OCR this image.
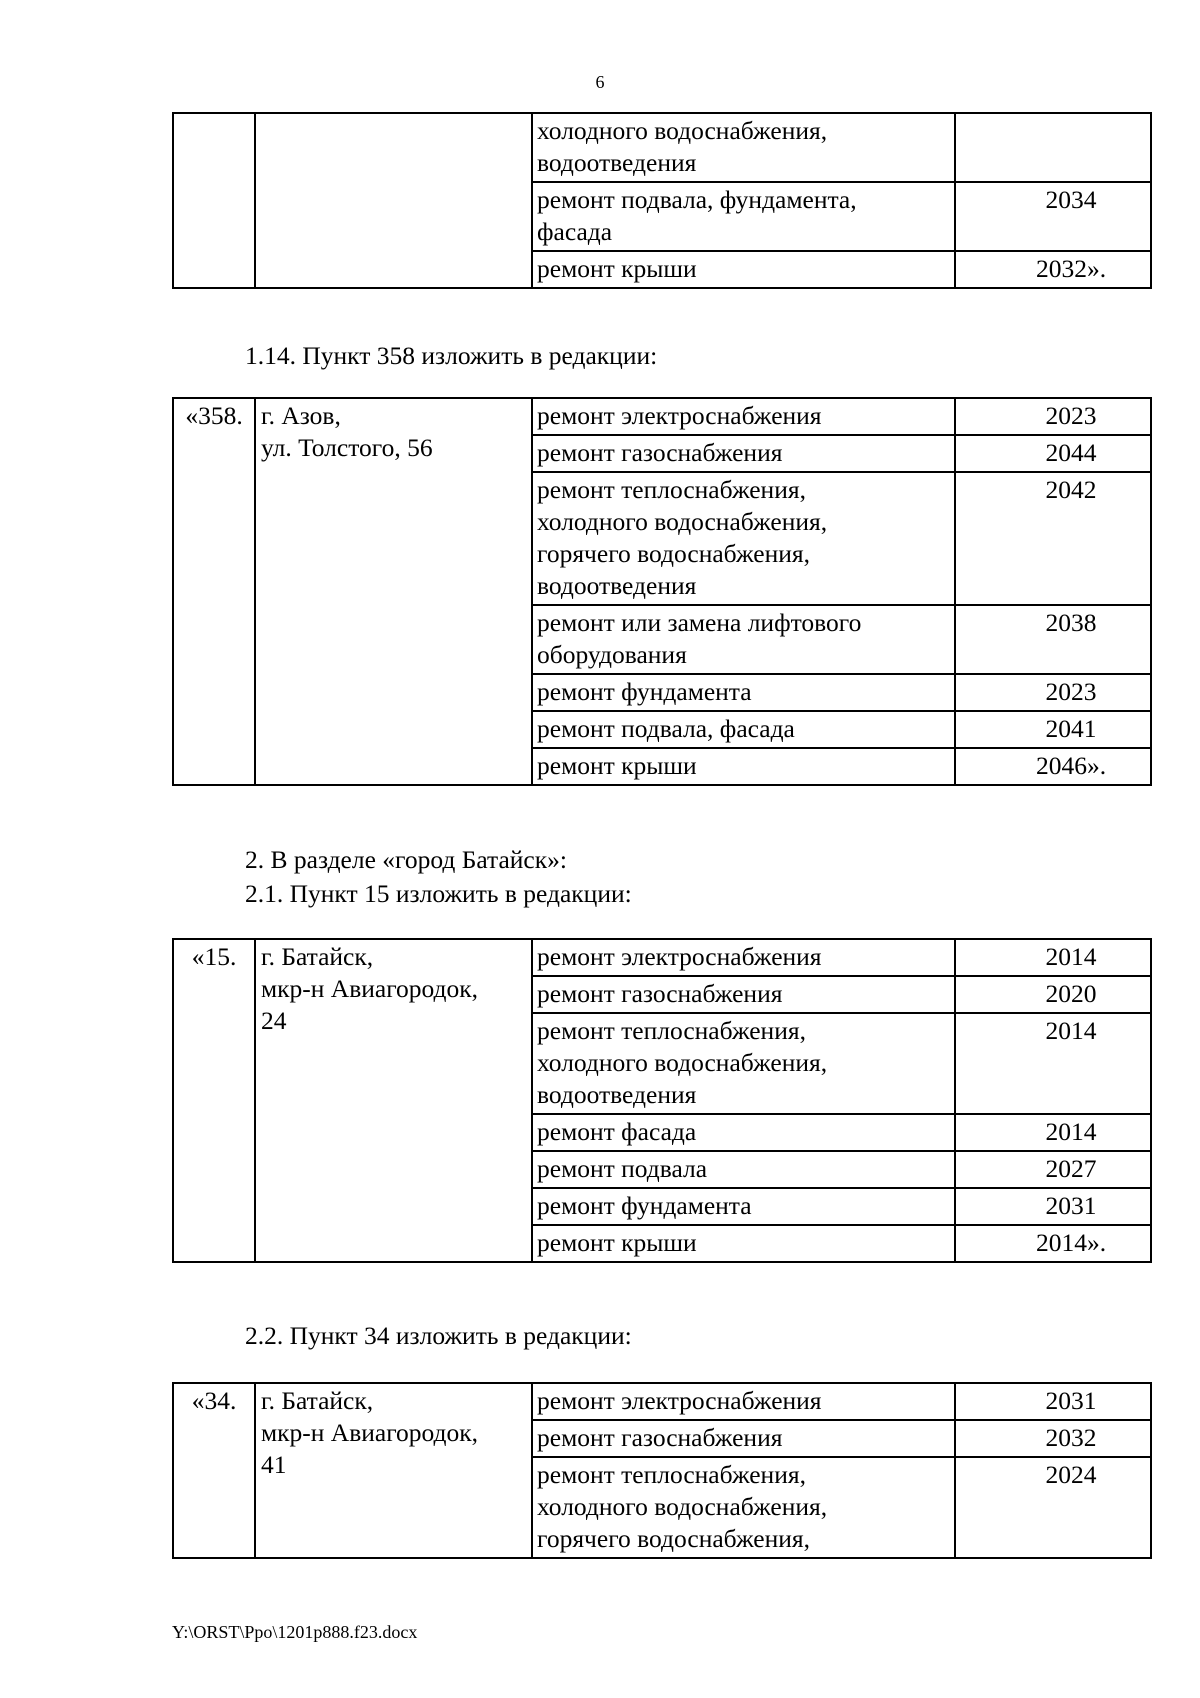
6
		холодного водоснабжения,
водоотведения	
		ремонт подвала, фундамента,
фасада	2034
		ремонт крыши	2032».
1.14. Пункт 358 изложить в редакции:
«358.	г. Азов,
ул. Толстого, 56	ремонт электроснабжения	2023
		ремонт газоснабжения	2044
		ремонт теплоснабжения,
холодного водоснабжения,
горячего водоснабжения,
водоотведения	2042
		ремонт или замена лифтового
оборудования	2038
		ремонт фундамента	2023
		ремонт подвала, фасада	2041
		ремонт крыши	2046».
2. В разделе «город Батайск»:
2.1. Пункт 15 изложить в редакции:
«15.	г. Батайск,
мкр-н Авиагородок,
24	ремонт электроснабжения	2014
		ремонт газоснабжения	2020
		ремонт теплоснабжения,
холодного водоснабжения,
водоотведения	2014
		ремонт фасада	2014
		ремонт подвала	2027
		ремонт фундамента	2031
		ремонт крыши	2014».
2.2. Пункт 34 изложить в редакции:
«34.	г. Батайск,
мкр-н Авиагородок,
41	ремонт электроснабжения	2031
		ремонт газоснабжения	2032
		ремонт теплоснабжения,
холодного водоснабжения,
горячего водоснабжения,	2024
Y:\ORST\Ppo\1201p888.f23.docx
